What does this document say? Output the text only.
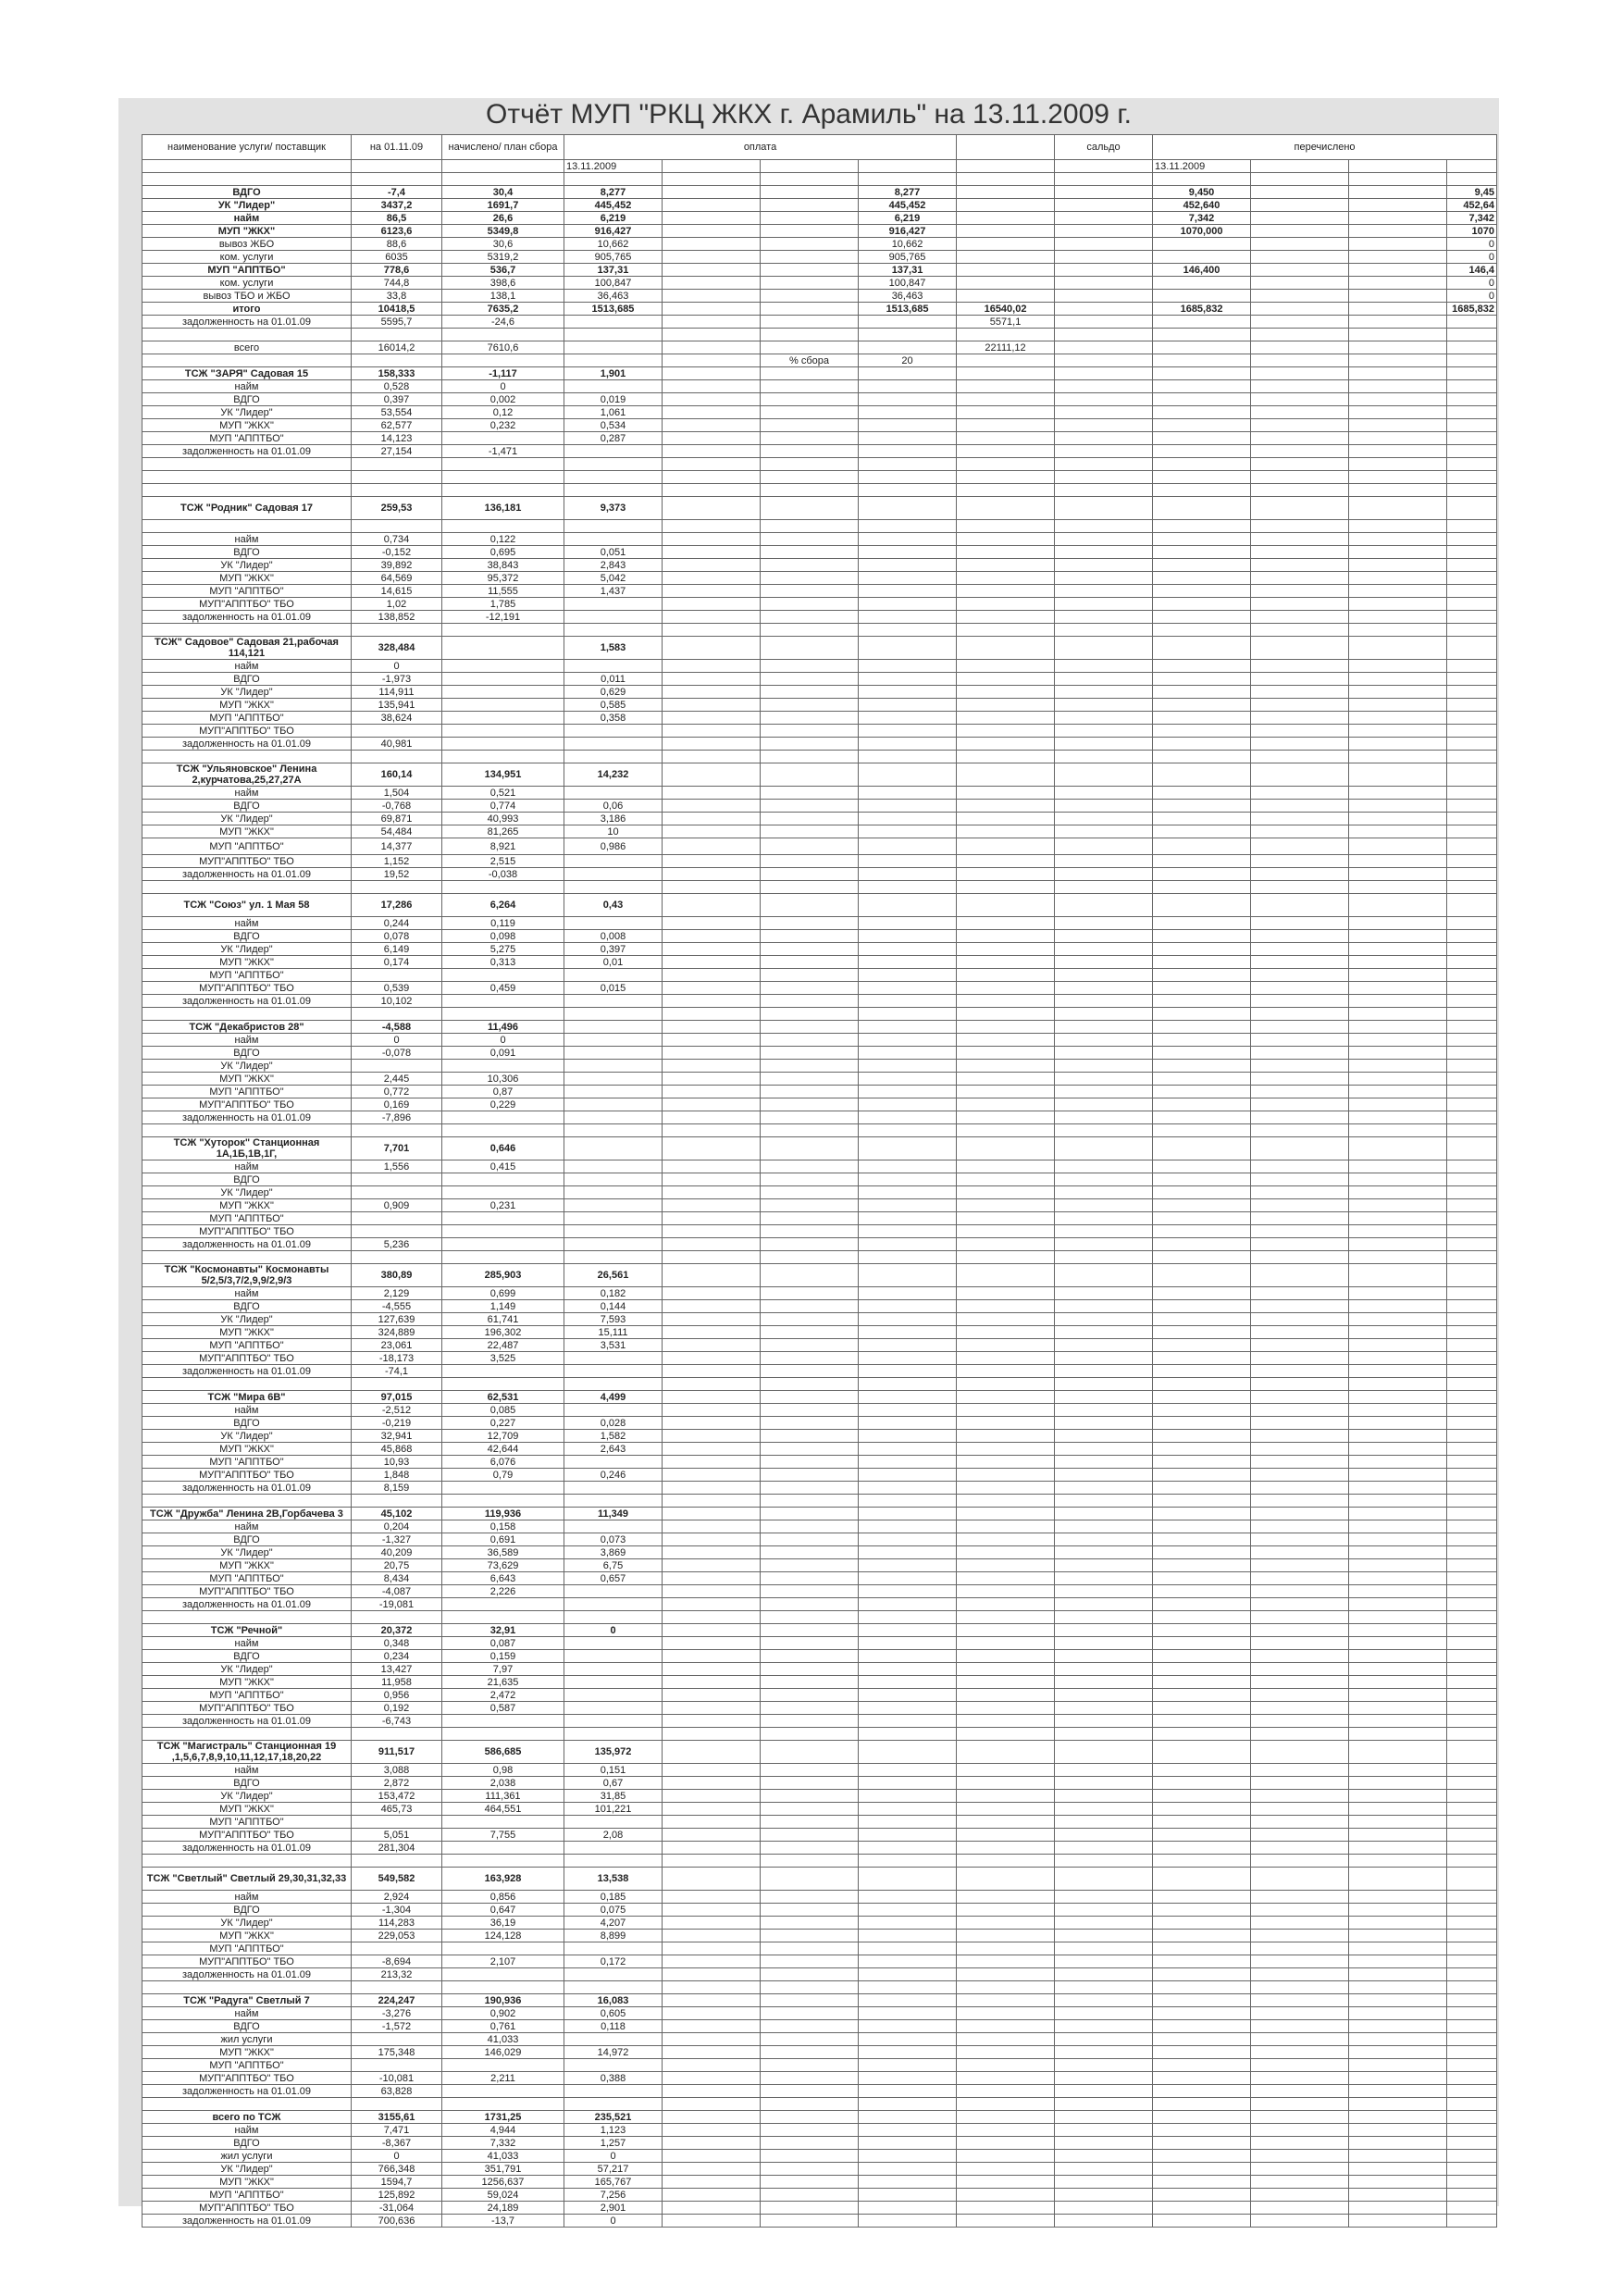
Отчёт МУП "РКЦ ЖКХ г. Арамиль" на 13.11.2009 г.
наименование услуги/ поставщик	на 01.11.09	начислено/ план сбора	оплата					сальдо	перечислено			
			13.11.2009						13.11.2009			

ВДГО	-7,4	30,4	8,277			8,277			9,450			9,45
УК "Лидер"	3437,2	1691,7	445,452			445,452			452,640			452,64
найм	86,5	26,6	6,219			6,219			7,342			7,342
МУП "ЖКХ"	6123,6	5349,8	916,427			916,427			1070,000			1070
вывоз ЖБО	88,6	30,6	10,662			10,662						0
ком. услуги	6035	5319,2	905,765			905,765						0
МУП "АППТБО"	778,6	536,7	137,31			137,31			146,400			146,4
ком. услуги	744,8	398,6	100,847			100,847						0
вывоз ТБО и ЖБО	33,8	138,1	36,463			36,463						0
итого	10418,5	7635,2	1513,685			1513,685	16540,02		1685,832			1685,832
задолженность на 01.01.09	5595,7	-24,6					5571,1					

всего	16014,2	7610,6					22111,12					
					% сбора	20						
ТСЖ "ЗАРЯ" Садовая 15	158,333	-1,117	1,901									
найм	0,528	0										
ВДГО	0,397	0,002	0,019									
УК "Лидер"	53,554	0,12	1,061									
МУП "ЖКХ"	62,577	0,232	0,534									
МУП "АППТБО"	14,123		0,287									
задолженность на 01.01.09	27,154	-1,471										

ТСЖ "Родник" Садовая 17	259,53	136,181	9,373									

найм	0,734	0,122										
ВДГО	-0,152	0,695	0,051									
УК "Лидер"	39,892	38,843	2,843									
МУП "ЖКХ"	64,569	95,372	5,042									
МУП "АППТБО"	14,615	11,555	1,437									
МУП"АППТБО" ТБО	1,02	1,785										
задолженность на 01.01.09	138,852	-12,191										

ТСЖ" Садовое" Садовая 21,рабочая 114,121	328,484		1,583									
найм	0											
ВДГО	-1,973		0,011									
УК "Лидер"	114,911		0,629									
МУП "ЖКХ"	135,941		0,585									
МУП "АППТБО"	38,624		0,358									
МУП"АППТБО" ТБО												
задолженность на 01.01.09	40,981											

ТСЖ "Ульяновское" Ленина 2,курчатова,25,27,27А	160,14	134,951	14,232									
найм	1,504	0,521										
ВДГО	-0,768	0,774	0,06									
УК "Лидер"	69,871	40,993	3,186									
МУП "ЖКХ"	54,484	81,265	10									
МУП "АППТБО"	14,377	8,921	0,986									
МУП"АППТБО" ТБО	1,152	2,515										
задолженность на 01.01.09	19,52	-0,038										

ТСЖ "Союз" ул. 1 Мая 58	17,286	6,264	0,43									
найм	0,244	0,119										
ВДГО	0,078	0,098	0,008									
УК "Лидер"	6,149	5,275	0,397									
МУП "ЖКХ"	0,174	0,313	0,01									
МУП "АППТБО"												
МУП"АППТБО" ТБО	0,539	0,459	0,015									
задолженность на 01.01.09	10,102											

ТСЖ "Декабристов 28"	-4,588	11,496										
найм	0	0										
ВДГО	-0,078	0,091										
УК "Лидер"												
МУП "ЖКХ"	2,445	10,306										
МУП "АППТБО"	0,772	0,87										
МУП"АППТБО" ТБО	0,169	0,229										
задолженность на 01.01.09	-7,896											

ТСЖ "Хуторок" Станционная 1А,1Б,1В,1Г,	7,701	0,646										
найм	1,556	0,415										
ВДГО												
УК "Лидер"												
МУП "ЖКХ"	0,909	0,231										
МУП "АППТБО"												
МУП"АППТБО" ТБО												
задолженность на 01.01.09	5,236											

ТСЖ "Космонавты" Космонавты 5/2,5/3,7/2,9,9/2,9/3	380,89	285,903	26,561									
найм	2,129	0,699	0,182									
ВДГО	-4,555	1,149	0,144									
УК "Лидер"	127,639	61,741	7,593									
МУП "ЖКХ"	324,889	196,302	15,111									
МУП "АППТБО"	23,061	22,487	3,531									
МУП"АППТБО" ТБО	-18,173	3,525										
задолженность на 01.01.09	-74,1											

ТСЖ "Мира 6В"	97,015	62,531	4,499									
найм	-2,512	0,085										
ВДГО	-0,219	0,227	0,028									
УК "Лидер"	32,941	12,709	1,582									
МУП "ЖКХ"	45,868	42,644	2,643									
МУП "АППТБО"	10,93	6,076										
МУП"АППТБО" ТБО	1,848	0,79	0,246									
задолженность на 01.01.09	8,159											

ТСЖ "Дружба" Ленина 2В,Горбачева 3	45,102	119,936	11,349									
найм	0,204	0,158										
ВДГО	-1,327	0,691	0,073									
УК "Лидер"	40,209	36,589	3,869									
МУП "ЖКХ"	20,75	73,629	6,75									
МУП "АППТБО"	8,434	6,643	0,657									
МУП"АППТБО" ТБО	-4,087	2,226										
задолженность на 01.01.09	-19,081											

ТСЖ "Речной"	20,372	32,91	0									
найм	0,348	0,087										
ВДГО	0,234	0,159										
УК "Лидер"	13,427	7,97										
МУП "ЖКХ"	11,958	21,635										
МУП "АППТБО"	0,956	2,472										
МУП"АППТБО" ТБО	0,192	0,587										
задолженность на 01.01.09	-6,743											

ТСЖ "Магистраль" Станционная 19 ,1,5,6,7,8,9,10,11,12,17,18,20,22	911,517	586,685	135,972									
найм	3,088	0,98	0,151									
ВДГО	2,872	2,038	0,67									
УК "Лидер"	153,472	111,361	31,85									
МУП "ЖКХ"	465,73	464,551	101,221									
МУП "АППТБО"												
МУП"АППТБО" ТБО	5,051	7,755	2,08									
задолженность на 01.01.09	281,304											

ТСЖ "Светлый" Светлый 29,30,31,32,33	549,582	163,928	13,538									
найм	2,924	0,856	0,185									
ВДГО	-1,304	0,647	0,075									
УК "Лидер"	114,283	36,19	4,207									
МУП "ЖКХ"	229,053	124,128	8,899									
МУП "АППТБО"												
МУП"АППТБО" ТБО	-8,694	2,107	0,172									
задолженность на 01.01.09	213,32											

ТСЖ "Радуга" Светлый 7	224,247	190,936	16,083									
найм	-3,276	0,902	0,605									
ВДГО	-1,572	0,761	0,118									
жил услуги		41,033										
МУП "ЖКХ"	175,348	146,029	14,972									
МУП "АППТБО"												
МУП"АППТБО" ТБО	-10,081	2,211	0,388									
задолженность на 01.01.09	63,828											

всего по ТСЖ	3155,61	1731,25	235,521									
найм	7,471	4,944	1,123									
ВДГО	-8,367	7,332	1,257									
жил услуги	0	41,033	0									
УК "Лидер"	766,348	351,791	57,217									
МУП "ЖКХ"	1594,7	1256,637	165,767									
МУП "АППТБО"	125,892	59,024	7,256									
МУП"АППТБО" ТБО	-31,064	24,189	2,901									
задолженность на 01.01.09	700,636	-13,7	0									
